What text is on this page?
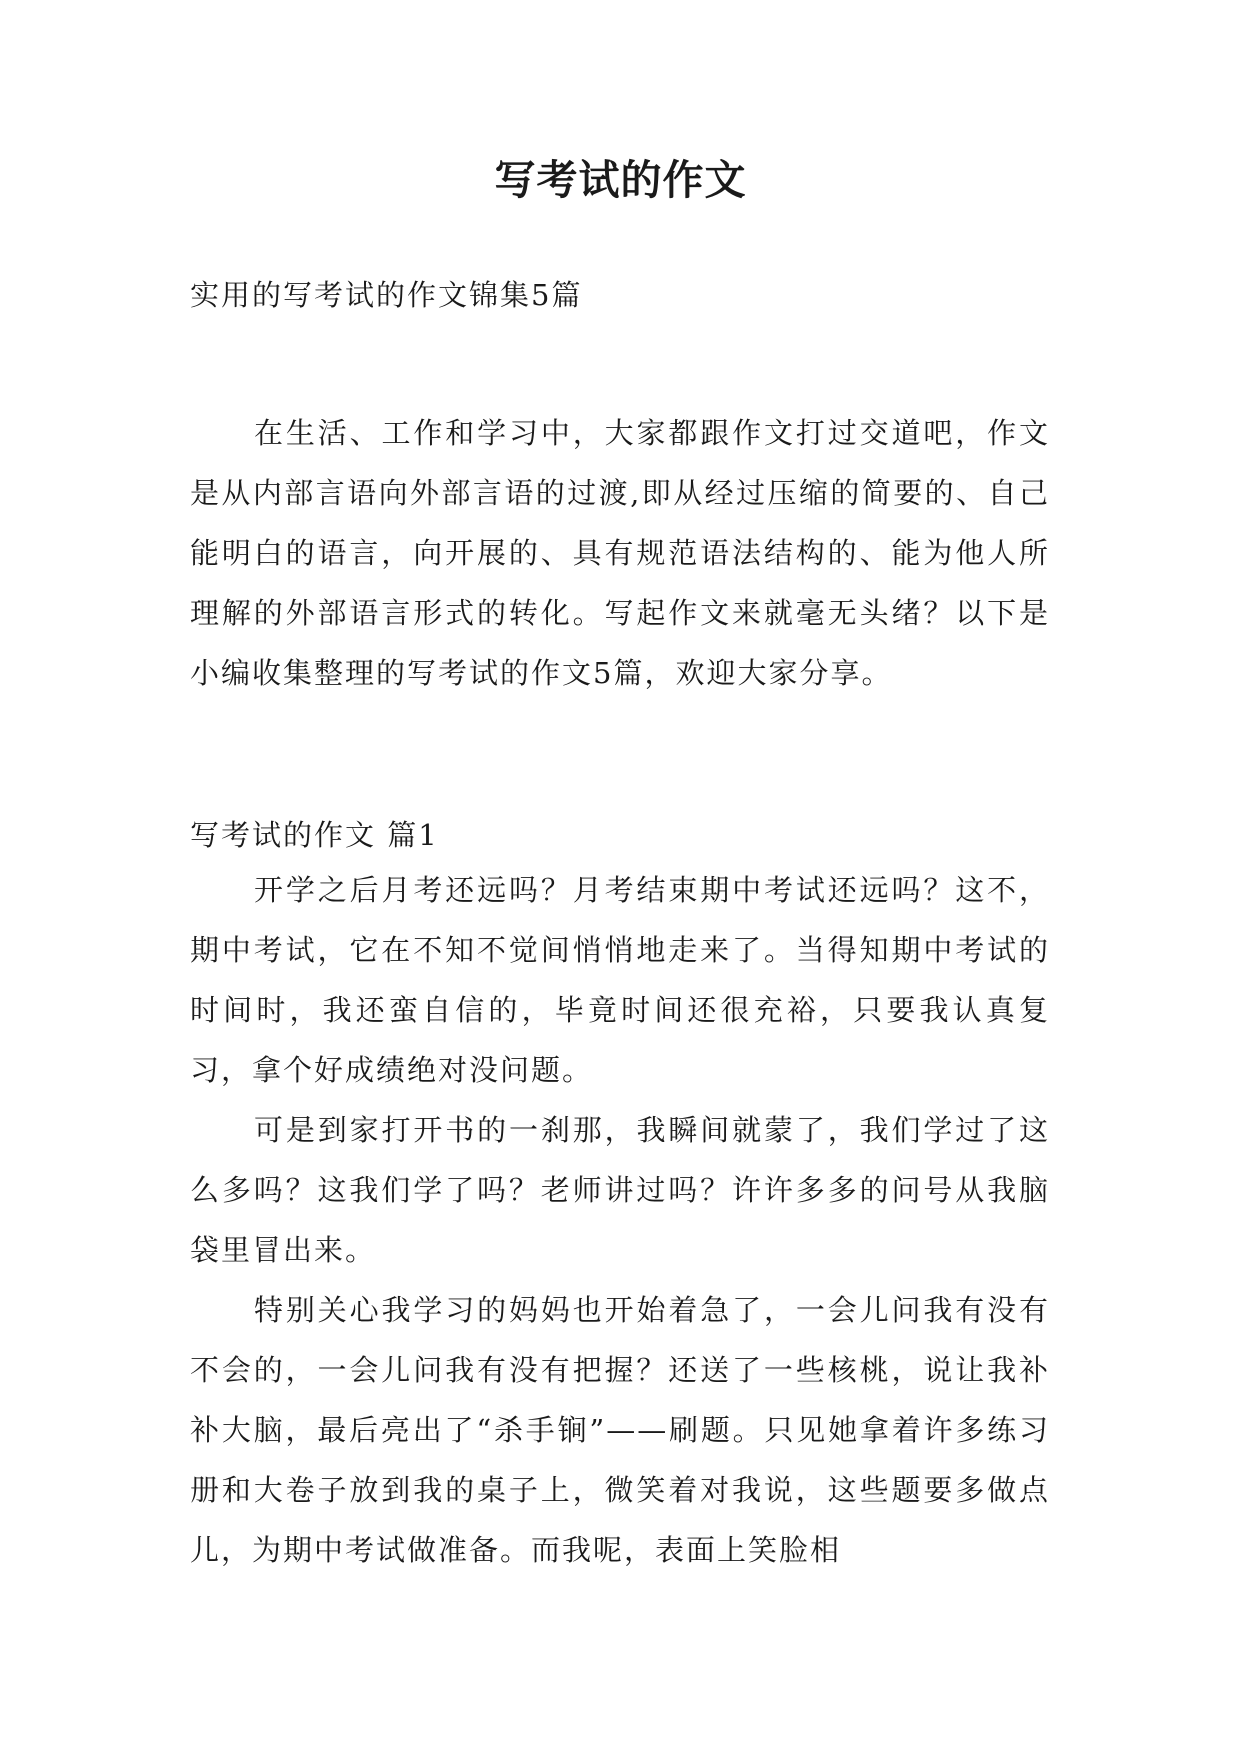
写考试的作文
实用的写考试的作文锦集5篇

在生活、工作和学习中，大家都跟作文打过交道吧，作文是从内部言语向外部言语的过渡,即从经过压缩的简要的、自己能明白的语言，向开展的、具有规范语法结构的、能为他人所理解的外部语言形式的转化。写起作文来就毫无头绪？以下是小编收集整理的写考试的作文5篇，欢迎大家分享。

写考试的作文 篇1

开学之后月考还远吗？月考结束期中考试还远吗？这不，期中考试，它在不知不觉间悄悄地走来了。当得知期中考试的时间时，我还蛮自信的，毕竟时间还很充裕，只要我认真复习，拿个好成绩绝对没问题。

可是到家打开书的一刹那，我瞬间就蒙了，我们学过了这么多吗？这我们学了吗？老师讲过吗？许许多多的问号从我脑袋里冒出来。

特别关心我学习的妈妈也开始着急了，一会儿问我有没有不会的，一会儿问我有没有把握？还送了一些核桃，说让我补补大脑，最后亮出了“杀手锏”——刷题。只见她拿着许多练习册和大卷子放到我的桌子上，微笑着对我说，这些题要多做点儿，为期中考试做准备。而我呢，表面上笑脸相
